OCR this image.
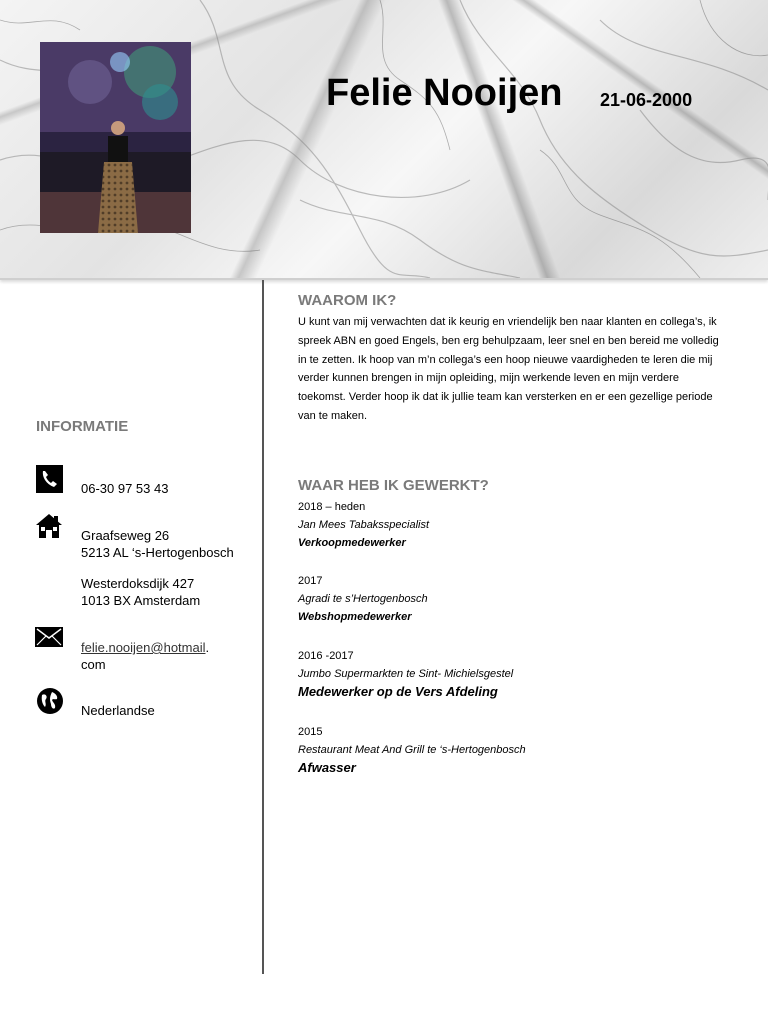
Felie Nooijen 21-06-2000
INFORMATIE
06-30 97 53 43
Graafseweg 26
5213 AL ‘s-Hertogenbosch
Westerdoksdijk 427
1013 BX Amsterdam
felie.nooijen@hotmail.
com
Nederlandse
WAAROM IK?
U kunt van mij verwachten dat ik keurig en vriendelijk ben naar klanten en collega’s, ik spreek ABN en goed Engels, ben erg behulpzaam, leer snel en ben bereid me volledig in te zetten. Ik hoop van m’n collega’s een hoop nieuwe vaardigheden te leren die mij verder kunnen brengen in mijn opleiding, mijn werkende leven en mijn verdere toekomst. Verder hoop ik dat ik jullie team kan versterken en er een gezellige periode van te maken.
WAAR HEB IK GEWERKT?
2018 – heden
Jan Mees Tabaksspecialist
Verkoopmedewerker
2017
Agradi te s’Hertogenbosch
Webshopmedewerker
2016 -2017
Jumbo Supermarkten te Sint- Michielsgestel
Medewerker op de Vers Afdeling
2015
Restaurant Meat And Grill te ‘s-Hertogenbosch
Afwasser
